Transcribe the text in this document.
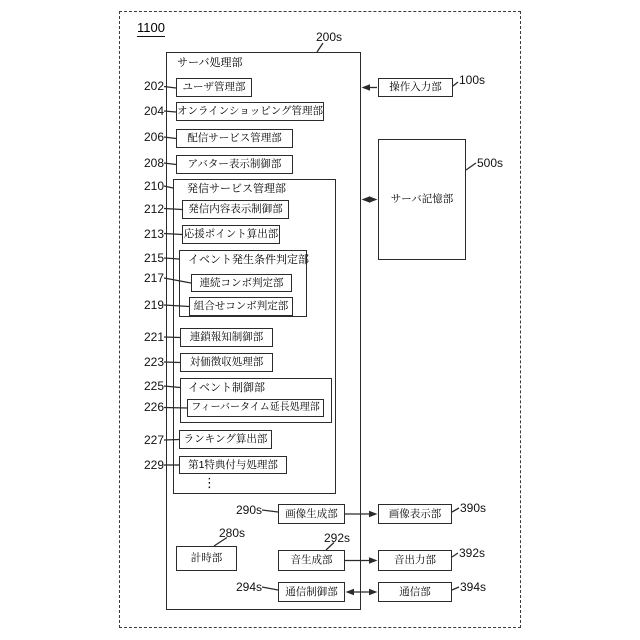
1100
サーバ処理部
発信サービス管理部
イベント発生条件判定部
イベント制御部
ユーザ管理部
オンラインショッピング管理部
配信サービス管理部
アバター表示制御部
発信内容表示制御部
応援ポイント算出部
連続コンボ判定部
組合せコンボ判定部
連鎖報知制御部
対価徴収処理部
フィーバータイム延長処理部
ランキング算出部
第1特典付与処理部
⋮
画像生成部
計時部	音生成部
通信制御部
操作入力部
サーバ記憶部
画像表示部
音出力部
通信部
200s
202
204
206
208
210
212
213
215
217
219
221
223
225
226
227
229
280s
290s
292s
294s
100s
500s
390s
392s
394s
